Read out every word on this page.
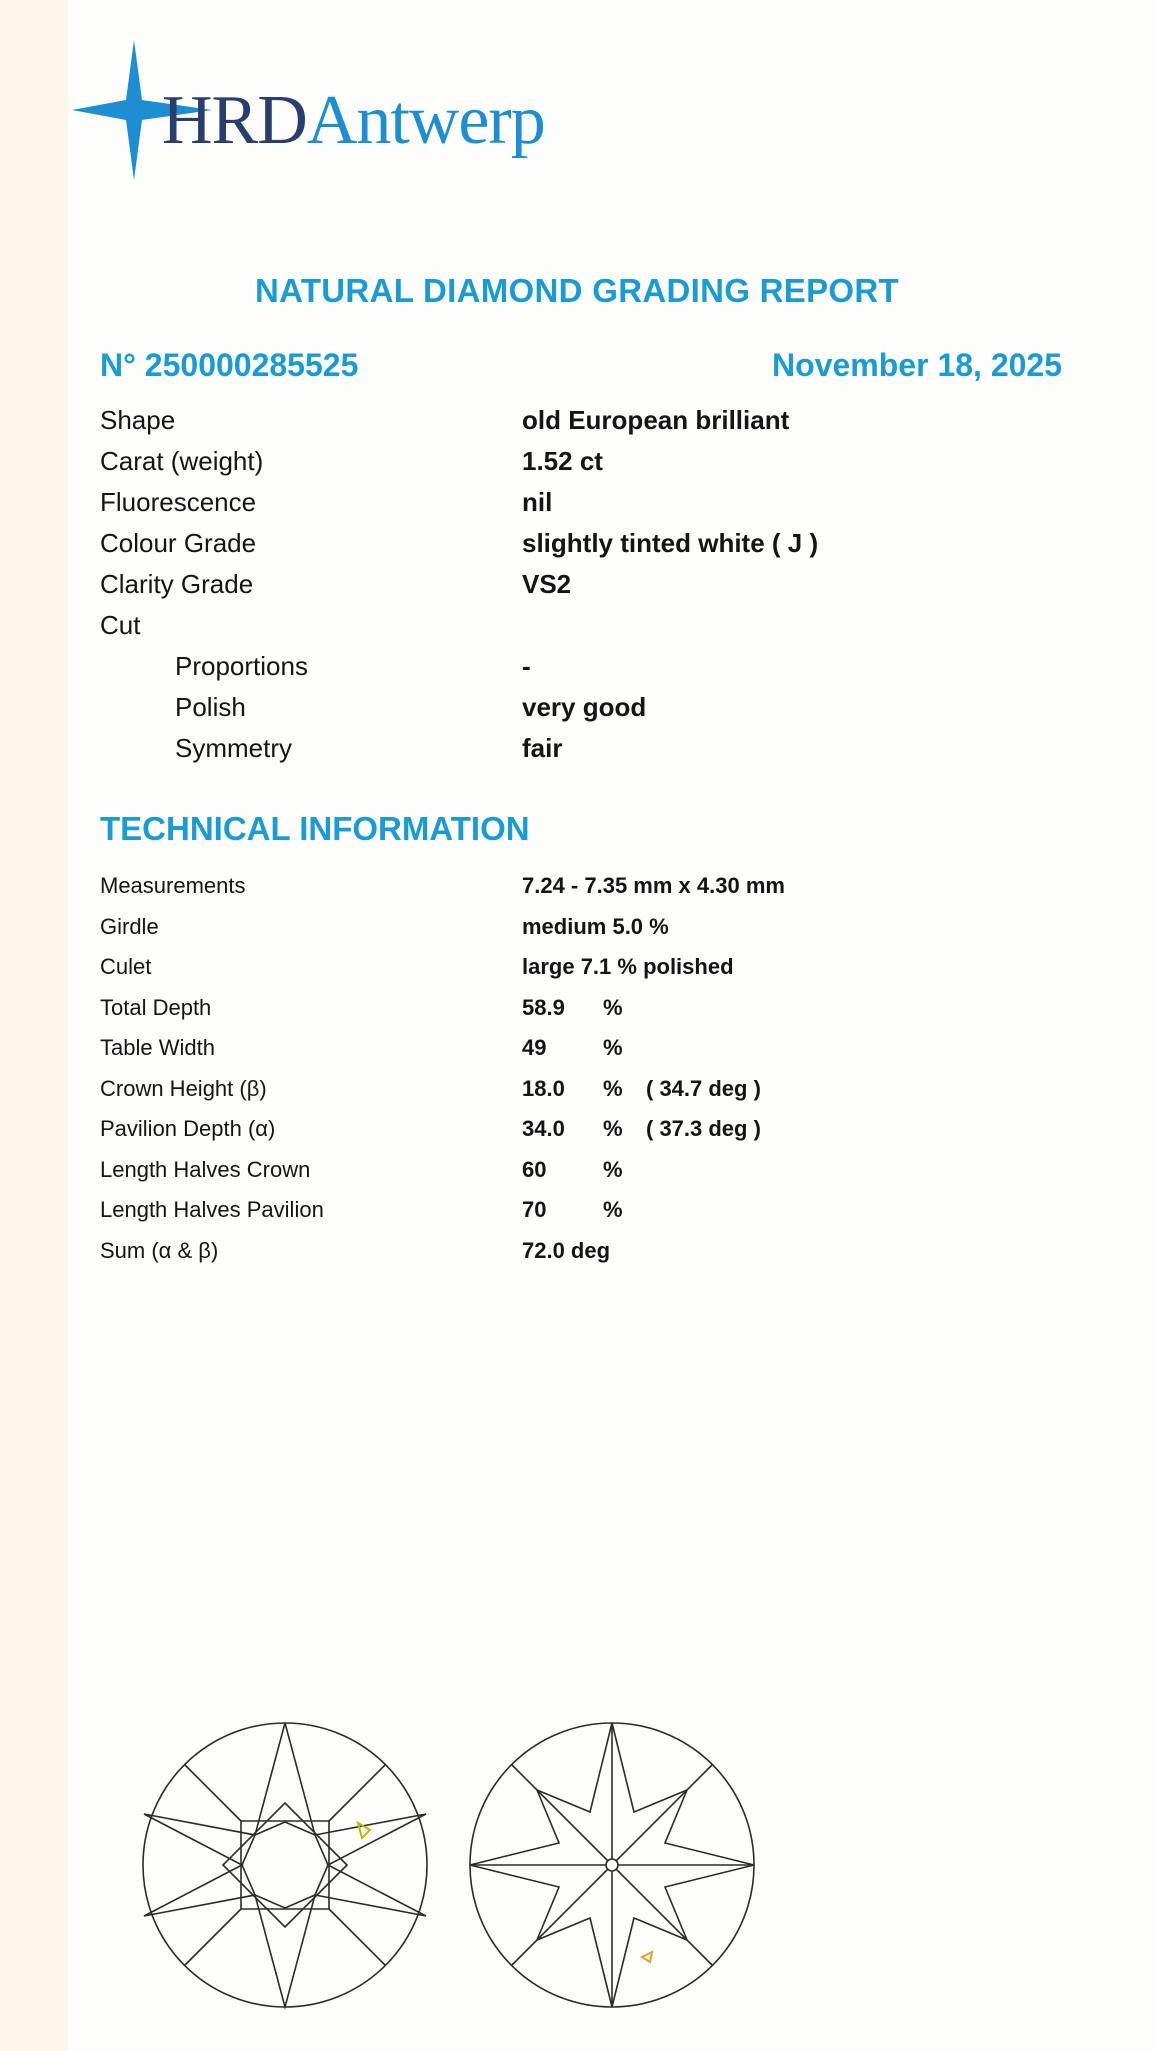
HRDAntwerp
NATURAL DIAMOND GRADING REPORT
N° 250000285525	November 18, 2025
Shape	old European brilliant
Carat (weight)	1.52 ct
Fluorescence	nil
Colour Grade	slightly tinted white ( J )
Clarity Grade	VS2
Cut
Proportions	-
Polish	very good
Symmetry	fair
TECHNICAL INFORMATION
Measurements	7.24 - 7.35 mm x 4.30 mm
Girdle	medium 5.0 %
Culet	large 7.1 % polished
Total Depth	58.9 %
Table Width	49	%
Crown Height (β)	18.0 % ( 34.7 deg )
Pavilion Depth (α)	34.0 % ( 37.3 deg )
Length Halves Crown	60	%
Length Halves Pavilion	70	%
Sum (α & β)	72.0 deg
